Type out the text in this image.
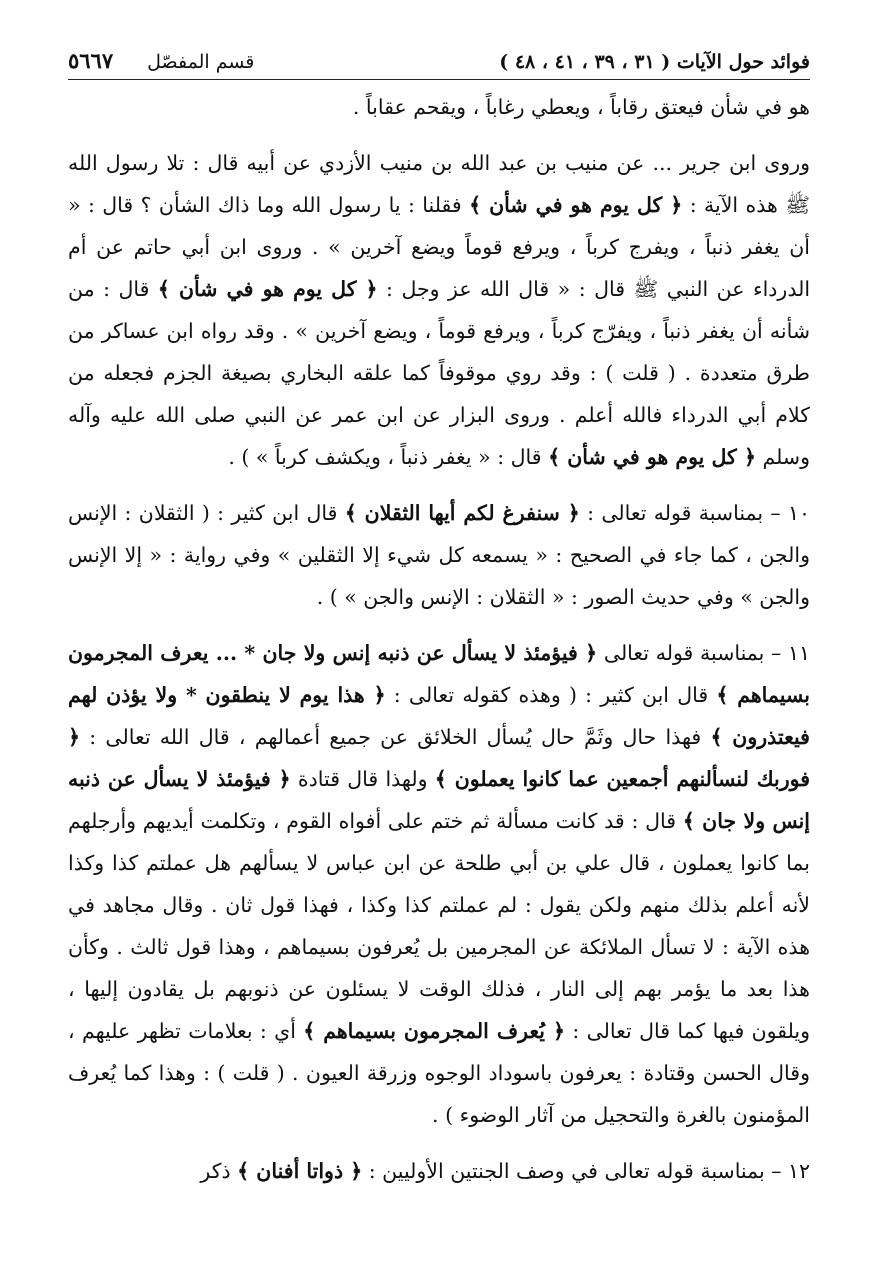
فوائد حول الآيات ( ٣١ ، ٣٩ ، ٤١ ، ٤٨ )
قسم المفصّل
٥٦٦٧

هو في شأن فيعتق رقاباً ، ويعطي رغاباً ، ويقحم عقاباً .

وروى ابن جرير ... عن منيب بن عبد الله بن منيب الأزدي عن أبيه قال : تلا رسول الله ﷺ هذه الآية : ﴿ كل يوم هو في شأن ﴾ فقلنا : يا رسول الله وما ذاك الشأن ؟ قال : « أن يغفر ذنباً ، ويفرج كرباً ، ويرفع قوماً ويضع آخرين » . وروى ابن أبي حاتم عن أم الدرداء عن النبي ﷺ قال : « قال الله عز وجل : ﴿ كل يوم هو في شأن ﴾ قال : من شأنه أن يغفر ذنباً ، ويفرّج كرباً ، ويرفع قوماً ، ويضع آخرين » . وقد رواه ابن عساكر من طرق متعددة . ( قلت ) : وقد روي موقوفاً كما علقه البخاري بصيغة الجزم فجعله من كلام أبي الدرداء فالله أعلم . وروى البزار عن ابن عمر عن النبي صلى الله عليه وآله وسلم ﴿ كل يوم هو في شأن ﴾ قال : « يغفر ذنباً ، ويكشف كرباً » ) .

١٠ – بمناسبة قوله تعالى : ﴿ سنفرغ لكم أيها الثقلان ﴾ قال ابن كثير : ( الثقلان : الإنس والجن ، كما جاء في الصحيح : « يسمعه كل شيء إلا الثقلين » وفي رواية : « إلا الإنس والجن » وفي حديث الصور : « الثقلان : الإنس والجن » ) .

١١ – بمناسبة قوله تعالى ﴿ فيؤمئذ لا يسأل عن ذنبه إنس ولا جان * ... يعرف المجرمون بسيماهم ﴾ قال ابن كثير : ( وهذه كقوله تعالى : ﴿ هذا يوم لا ينطقون * ولا يؤذن لهم فيعتذرون ﴾ فهذا حال وثَمَّ حال يُسأل الخلائق عن جميع أعمالهم ، قال الله تعالى : ﴿ فوربك لنسألنهم أجمعين عما كانوا يعملون ﴾ ولهذا قال قتادة ﴿ فيؤمئذ لا يسأل عن ذنبه إنس ولا جان ﴾ قال : قد كانت مسألة ثم ختم على أفواه القوم ، وتكلمت أيديهم وأرجلهم بما كانوا يعملون ، قال علي بن أبي طلحة عن ابن عباس لا يسألهم هل عملتم كذا وكذا لأنه أعلم بذلك منهم ولكن يقول : لم عملتم كذا وكذا ، فهذا قول ثان . وقال مجاهد في هذه الآية : لا تسأل الملائكة عن المجرمين بل يُعرفون بسيماهم ، وهذا قول ثالث . وكأن هذا بعد ما يؤمر بهم إلى النار ، فذلك الوقت لا يسئلون عن ذنوبهم بل يقادون إليها ، ويلقون فيها كما قال تعالى : ﴿ يُعرف المجرمون بسيماهم ﴾ أي : بعلامات تظهر عليهم ، وقال الحسن وقتادة : يعرفون باسوداد الوجوه وزرقة العيون . ( قلت ) : وهذا كما يُعرف المؤمنون بالغرة والتحجيل من آثار الوضوء ) .

١٢ – بمناسبة قوله تعالى في وصف الجنتين الأوليين : ﴿ ذواتا أفنان ﴾ ذكر
